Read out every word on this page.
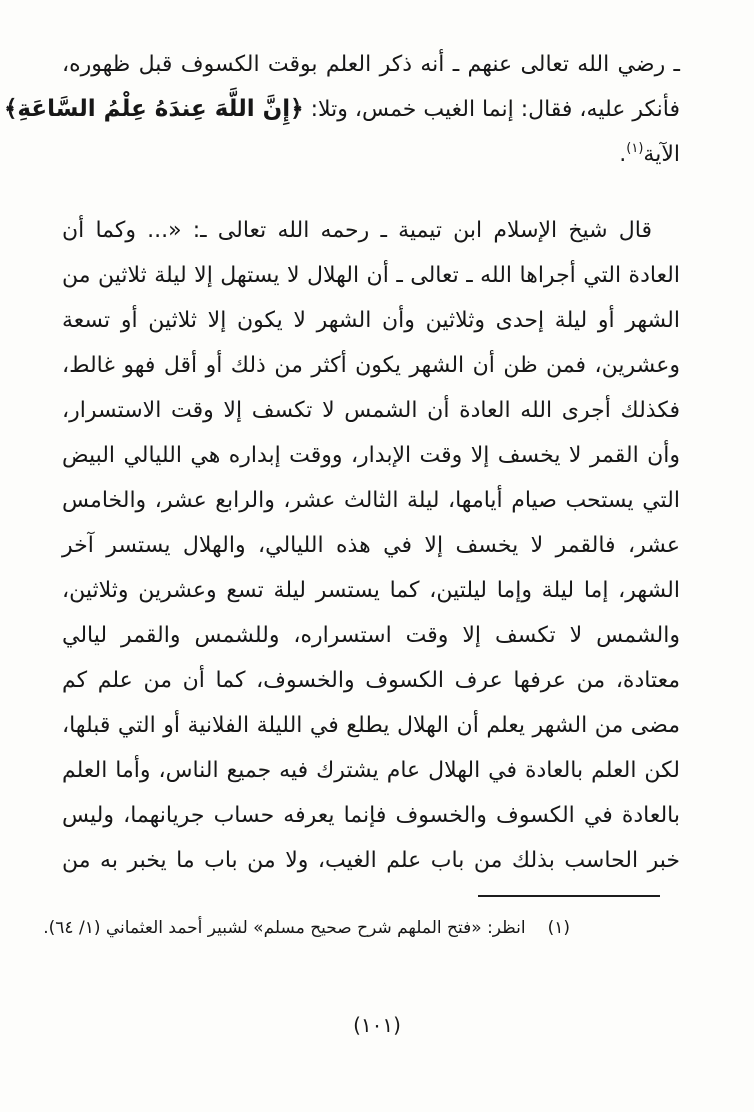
ـ رضي الله تعالى عنهم ـ أنه ذكر العلم بوقت الكسوف قبل ظهوره،
فأنكر عليه، فقال: إنما الغيب خمس، وتلا: ﴿إِنَّ اللَّهَ عِندَهُ عِلْمُ السَّاعَةِ﴾
الآية$^{(١)}$.
قال شيخ الإسلام ابن تيمية ـ رحمه الله تعالى ـ: «... وكما أن
العادة التي أجراها الله ـ تعالى ـ أن الهلال لا يستهل إلا ليلة ثلاثين من
الشهر أو ليلة إحدى وثلاثين وأن الشهر لا يكون إلا ثلاثين أو تسعة
وعشرين، فمن ظن أن الشهر يكون أكثر من ذلك أو أقل فهو غالط،
فكذلك أجرى الله العادة أن الشمس لا تكسف إلا وقت الاستسرار،
وأن القمر لا يخسف إلا وقت الإبدار، ووقت إبداره هي الليالي البيض
التي يستحب صيام أيامها، ليلة الثالث عشر، والرابع عشر، والخامس
عشر، فالقمر لا يخسف إلا في هذه الليالي، والهلال يستسر آخر
الشهر، إما ليلة وإما ليلتين، كما يستسر ليلة تسع وعشرين وثلاثين،
والشمس لا تكسف إلا وقت استسراره، وللشمس والقمر ليالي
معتادة، من عرفها عرف الكسوف والخسوف، كما أن من علم كم
مضى من الشهر يعلم أن الهلال يطلع في الليلة الفلانية أو التي قبلها،
لكن العلم بالعادة في الهلال عام يشترك فيه جميع الناس، وأما العلم
بالعادة في الكسوف والخسوف فإنما يعرفه حساب جريانهما، وليس
خبر الحاسب بذلك من باب علم الغيب، ولا من باب ما يخبر به من
(١)انظر: «فتح الملهم شرح صحيح مسلم» لشبير أحمد العثماني (١/ ٦٤).
(١٠١)
